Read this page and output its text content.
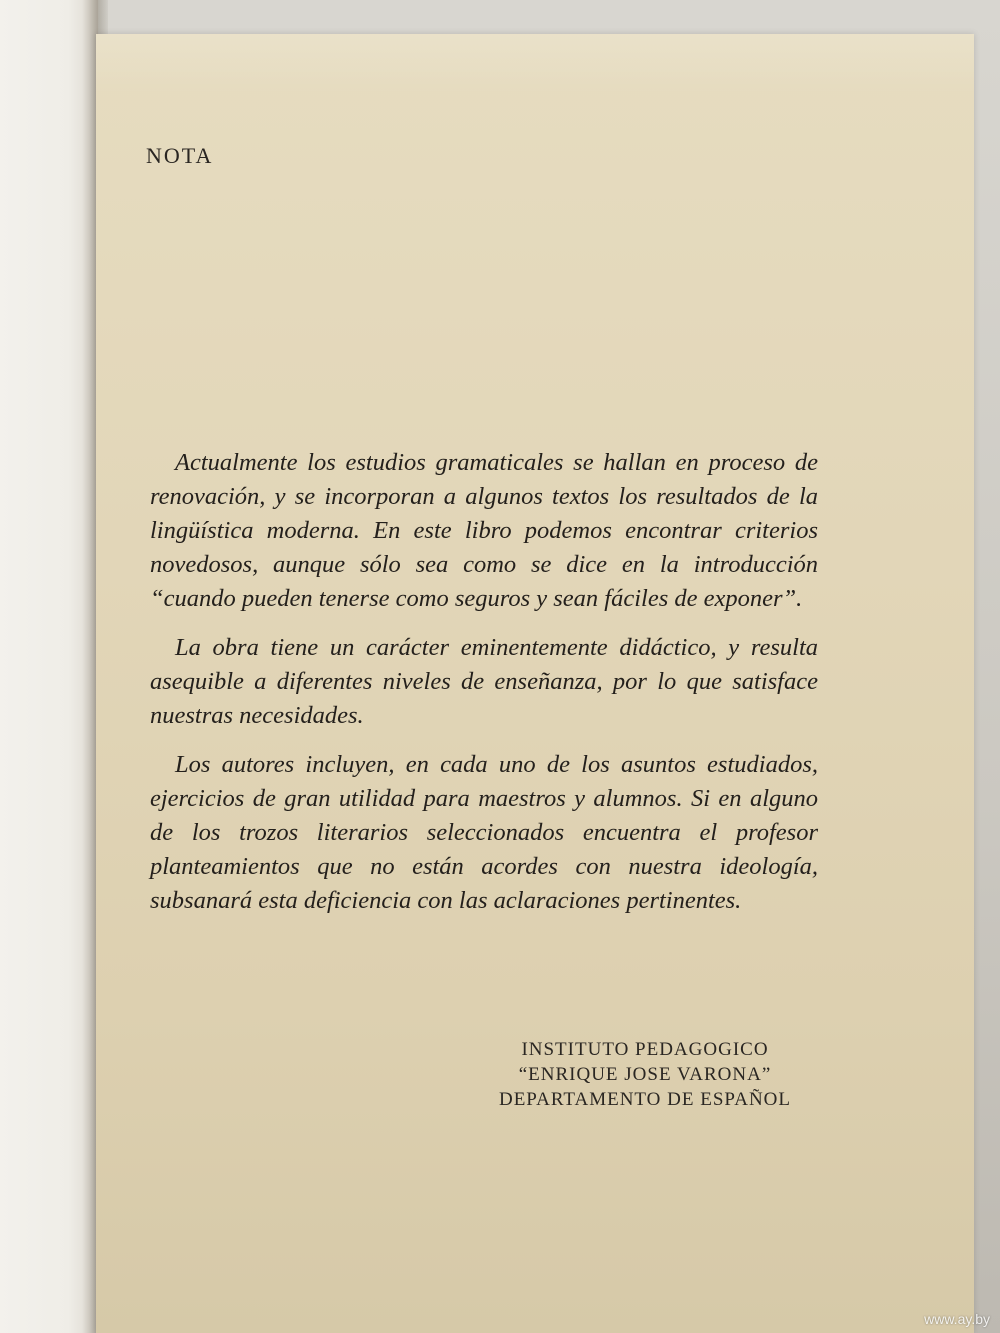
NOTA

Actualmente los estudios gramaticales se hallan en proceso de renovación, y se incorporan a algunos textos los resultados de la lingüística moderna. En este libro podemos encontrar criterios novedosos, aunque sólo sea como se dice en la introducción “cuando pueden tenerse como seguros y sean fáciles de exponer”.

La obra tiene un carácter eminentemente didáctico, y resulta asequible a diferentes niveles de enseñanza, por lo que satisface nuestras necesidades.

Los autores incluyen, en cada uno de los asuntos estudiados, ejercicios de gran utilidad para maestros y alumnos. Si en alguno de los trozos literarios seleccionados encuentra el profesor planteamientos que no están acordes con nuestra ideología, subsanará esta deficiencia con las aclaraciones pertinentes.

INSTITUTO PEDAGOGICO
“ENRIQUE JOSE VARONA”
DEPARTAMENTO DE ESPAÑOL
www.ay.by
